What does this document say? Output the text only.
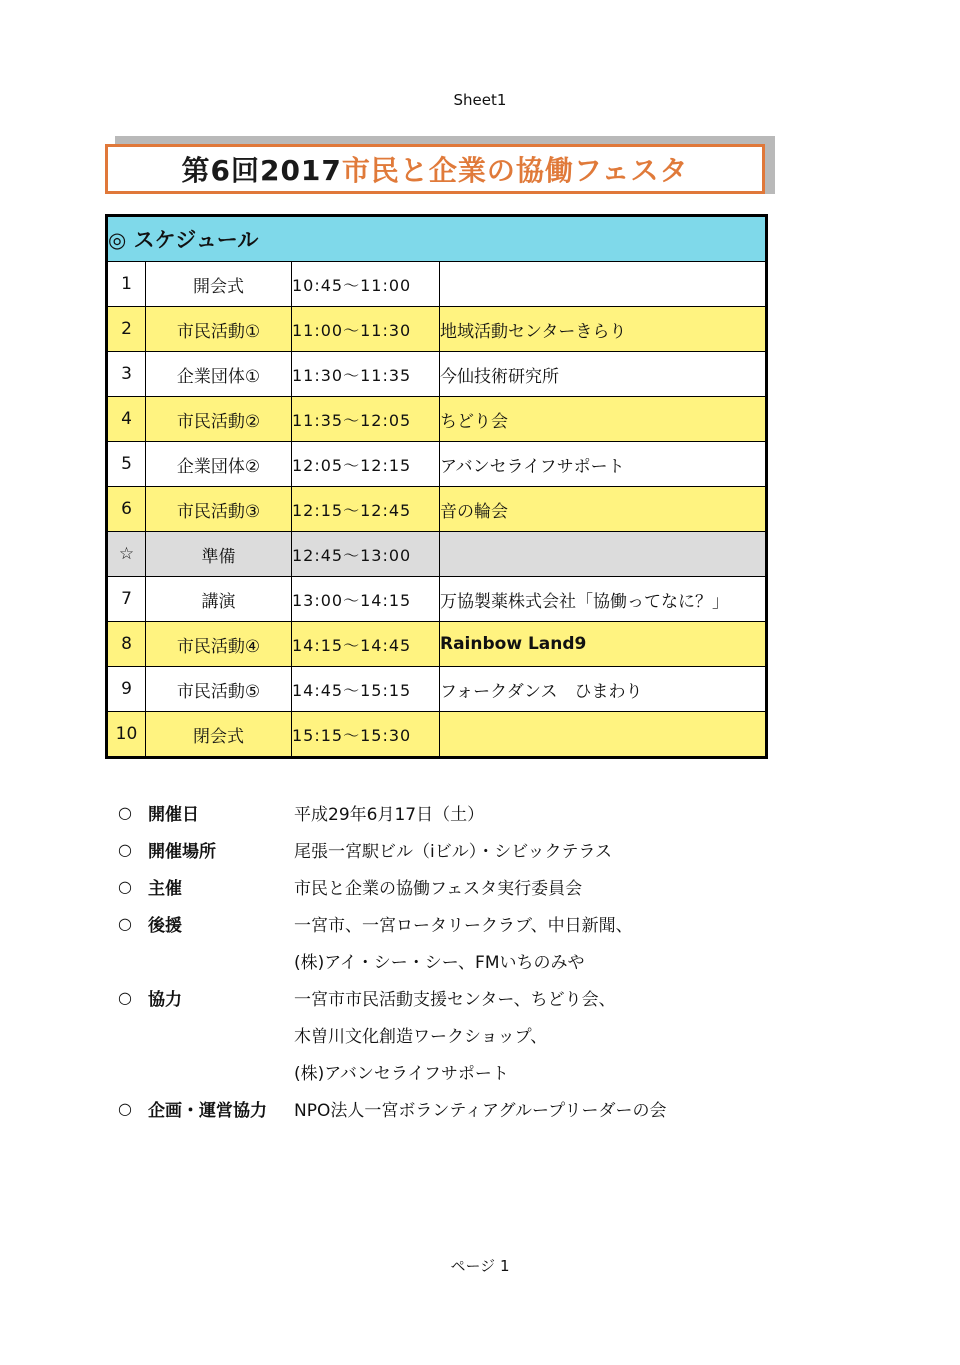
Sheet1
第6回2017 市民と企業の協働フェスタ
◎ スケジュール			
1	開会式	10:45～11:00	
2	市民活動①	11:00～11:30	地域活動センターきらり
3	企業団体①	11:30～11:35	今仙技術研究所
4	市民活動②	11:35～12:05	ちどり会
5	企業団体②	12:05～12:15	アバンセライフサポート
6	市民活動③	12:15～12:45	音の輪会
☆	準備	12:45～13:00	
7	講演	13:00～14:15	万協製薬株式会社「協働ってなに？」
8	市民活動④	14:15～14:45	Rainbow Land9
9	市民活動⑤	14:45～15:15	フォークダンス　ひまわり
10	閉会式	15:15～15:30	
○ 開催日	平成29年6月17日（土）
○ 開催場所	尾張一宮駅ビル（iビル）・シビックテラス
○ 主催	市民と企業の協働フェスタ実行委員会
○ 後援	一宮市、一宮ロータリークラブ、中日新聞、
(株)アイ・シー・シー、FMいちのみや
○ 協力	一宮市市民活動支援センター、ちどり会、
木曽川文化創造ワークショップ、
(株)アバンセライフサポート
○ 企画・運営協力	NPO法人一宮ボランティアグループリーダーの会
ページ 1
